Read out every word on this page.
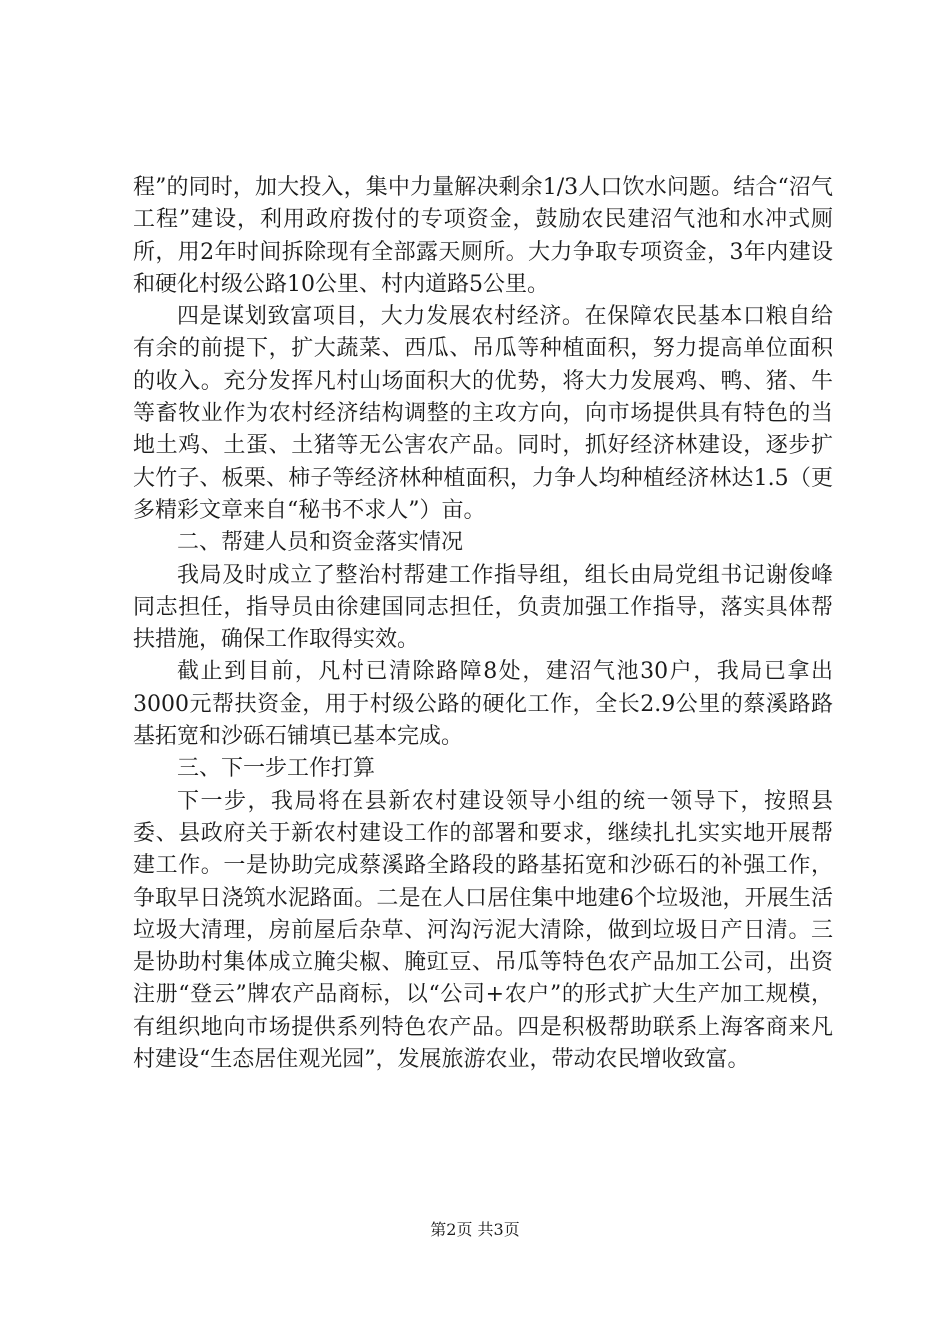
程”的同时，加大投入，集中力量解决剩余1/3人口饮水问题。结合“沼气工程”建设，利用政府拨付的专项资金，鼓励农民建沼气池和水冲式厕所，用2年时间拆除现有全部露天厕所。大力争取专项资金，3年内建设和硬化村级公路10公里、村内道路5公里。

四是谋划致富项目，大力发展农村经济。在保障农民基本口粮自给有余的前提下，扩大蔬菜、西瓜、吊瓜等种植面积，努力提高单位面积的收入。充分发挥凡村山场面积大的优势，将大力发展鸡、鸭、猪、牛等畜牧业作为农村经济结构调整的主攻方向，向市场提供具有特色的当地土鸡、土蛋、土猪等无公害农产品。同时，抓好经济林建设，逐步扩大竹子、板栗、柿子等经济林种植面积，力争人均种植经济林达1.5（更多精彩文章来自“秘书不求人”）亩。

二、帮建人员和资金落实情况

我局及时成立了整治村帮建工作指导组，组长由局党组书记谢俊峰同志担任，指导员由徐建国同志担任，负责加强工作指导，落实具体帮扶措施，确保工作取得实效。

截止到目前，凡村已清除路障8处，建沼气池30户，我局已拿出3000元帮扶资金，用于村级公路的硬化工作，全长2.9公里的蔡溪路路基拓宽和沙砾石铺填已基本完成。

三、下一步工作打算

下一步，我局将在县新农村建设领导小组的统一领导下，按照县委、县政府关于新农村建设工作的部署和要求，继续扎扎实实地开展帮建工作。一是协助完成蔡溪路全路段的路基拓宽和沙砾石的补强工作，争取早日浇筑水泥路面。二是在人口居住集中地建6个垃圾池，开展生活垃圾大清理，房前屋后杂草、河沟污泥大清除，做到垃圾日产日清。三是协助村集体成立腌尖椒、腌豇豆、吊瓜等特色农产品加工公司，出资注册“登云”牌农产品商标，以“公司+农户”的形式扩大生产加工规模，有组织地向市场提供系列特色农产品。四是积极帮助联系上海客商来凡村建设“生态居住观光园”，发展旅游农业，带动农民增收致富。

第2页 共3页
